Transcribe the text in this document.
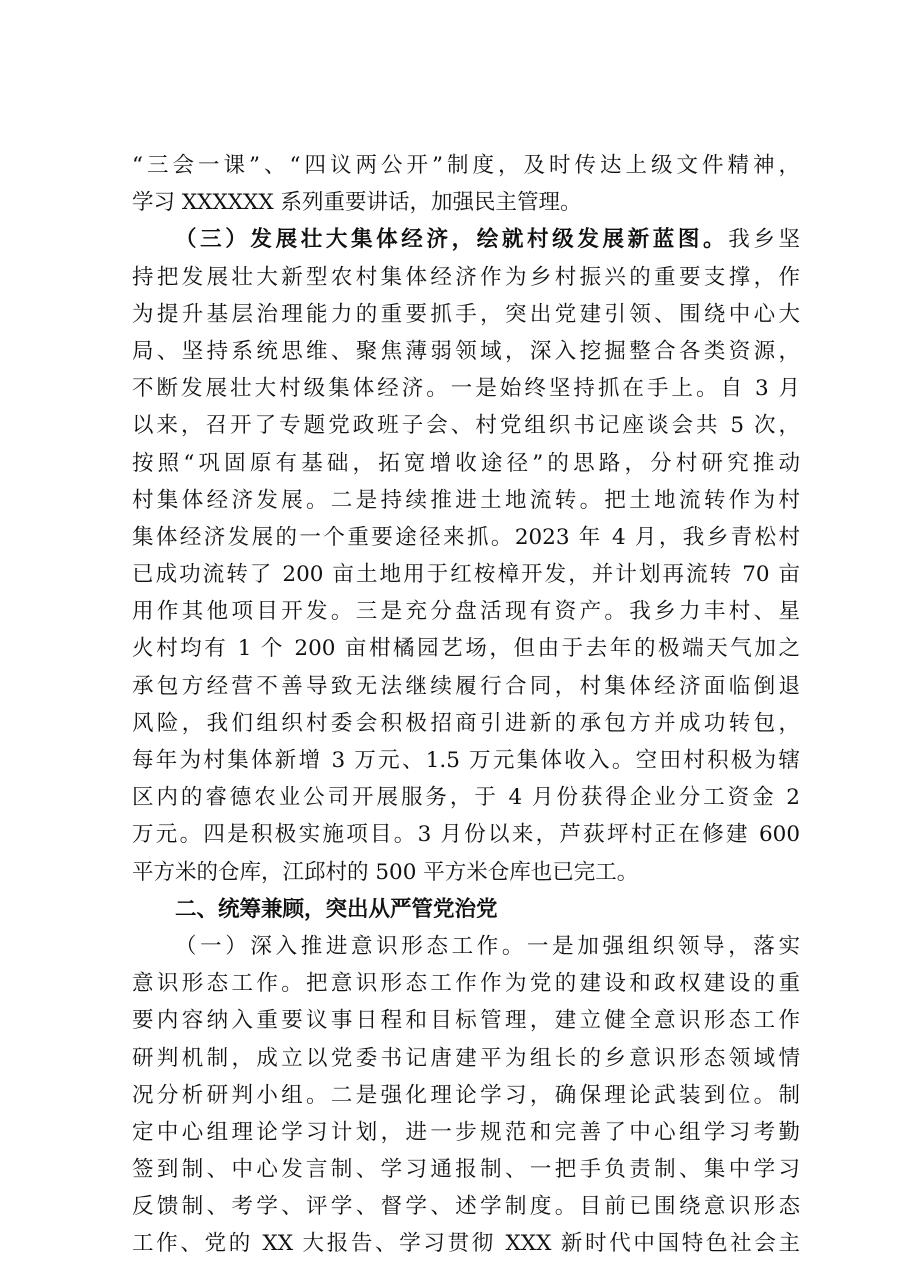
“三会一课”、“四议两公开”制度，及时传达上级文件精神，
学习 XXXXXX 系列重要讲话，加强民主管理。
（三）发展壮大集体经济，绘就村级发展新蓝图。我乡坚
持把发展壮大新型农村集体经济作为乡村振兴的重要支撑，作
为提升基层治理能力的重要抓手，突出党建引领、围绕中心大
局、坚持系统思维、聚焦薄弱领域，深入挖掘整合各类资源，
不断发展壮大村级集体经济。一是始终坚持抓在手上。自 3 月
以来，召开了专题党政班子会、村党组织书记座谈会共 5 次，
按照“巩固原有基础，拓宽增收途径”的思路，分村研究推动
村集体经济发展。二是持续推进土地流转。把土地流转作为村
集体经济发展的一个重要途径来抓。2023 年 4 月，我乡青松村
已成功流转了 200 亩土地用于红桉樟开发，并计划再流转 70 亩
用作其他项目开发。三是充分盘活现有资产。我乡力丰村、星
火村均有 1 个 200 亩柑橘园艺场，但由于去年的极端天气加之
承包方经营不善导致无法继续履行合同，村集体经济面临倒退
风险，我们组织村委会积极招商引进新的承包方并成功转包，
每年为村集体新增 3 万元、1.5 万元集体收入。空田村积极为辖
区内的睿德农业公司开展服务，于 4 月份获得企业分工资金 2
万元。四是积极实施项目。3 月份以来，芦荻坪村正在修建 600
平方米的仓库，江邱村的 500 平方米仓库也已完工。
二、统筹兼顾，突出从严管党治党
（一）深入推进意识形态工作。一是加强组织领导，落实
意识形态工作。把意识形态工作作为党的建设和政权建设的重
要内容纳入重要议事日程和目标管理，建立健全意识形态工作
研判机制，成立以党委书记唐建平为组长的乡意识形态领域情
况分析研判小组。二是强化理论学习，确保理论武装到位。制
定中心组理论学习计划，进一步规范和完善了中心组学习考勤
签到制、中心发言制、学习通报制、一把手负责制、集中学习
反馈制、考学、评学、督学、述学制度。目前已围绕意识形态
工作、党的 XX 大报告、学习贯彻 XXX 新时代中国特色社会主
